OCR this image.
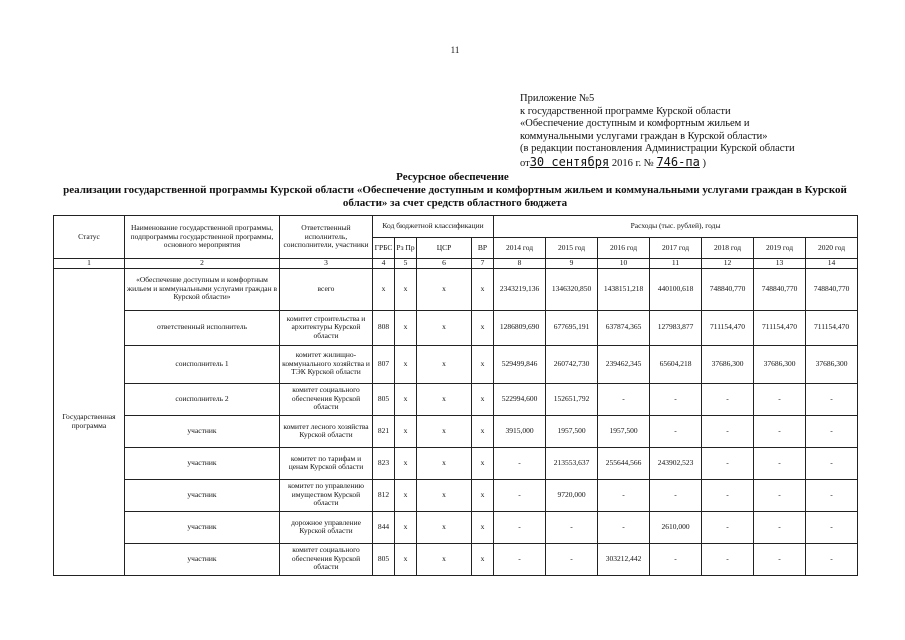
11
Приложение №5
к государственной программе Курской области
«Обеспечение доступным и комфортным жильем и
коммунальными услугами граждан в Курской области»
(в редакции постановления Администрации Курской области
от30 сентября 2016 г. № 746-па )
Ресурсное обеспечение
реализации государственной программы Курской области «Обеспечение доступным и комфортным жильем и коммунальными услугами граждан в Курской области» за счет средств областного бюджета
Статус	Наименование государственной программы, подпрограммы государственной программы, основного мероприятия	Ответственный исполнитель, соисполнители, участники	Код бюджетной классификации				Расходы (тыс. рублей), годы						
			ГРБС	Рз Пр	ЦСР	ВР	2014 год	2015 год	2016 год	2017 год	2018 год	2019 год	2020 год
1	2	3	4	5	6	7	8	9	10	11	12	13	14
Государственная программа	«Обеспечение доступным и комфортным жильем и коммунальными услугами граждан в Курской области»	всего	х	х	х	х	2343219,136	1346320,850	1438151,218	440100,618	748840,770	748840,770	748840,770
	ответственный исполнитель	комитет строительства и архитектуры Курской области	808	х	х	х	1286809,690	677695,191	637874,365	127983,877	711154,470	711154,470	711154,470
	соисполнитель 1	комитет жилищно-коммунального хозяйства и ТЭК Курской области	807	х	х	х	529499,846	260742,730	239462,345	65604,218	37686,300	37686,300	37686,300
	соисполнитель 2	комитет социального обеспечения Курской области	805	х	х	х	522994,600	152651,792	-	-	-	-	-
	участник	комитет лесного хозяйства Курской области	821	х	х	х	3915,000	1957,500	1957,500	-	-	-	-
	участник	комитет по тарифам и ценам Курской области	823	х	х	х	-	213553,637	255644,566	243902,523	-	-	-
	участник	комитет по управлению имуществом Курской области	812	х	х	х	-	9720,000	-	-	-	-	-
	участник	дорожное управление Курской области	844	х	х	х	-	-	-	2610,000	-	-	-
	участник	комитет социального обеспечения Курской области	805	х	х	х	-	-	303212,442	-	-	-	-
